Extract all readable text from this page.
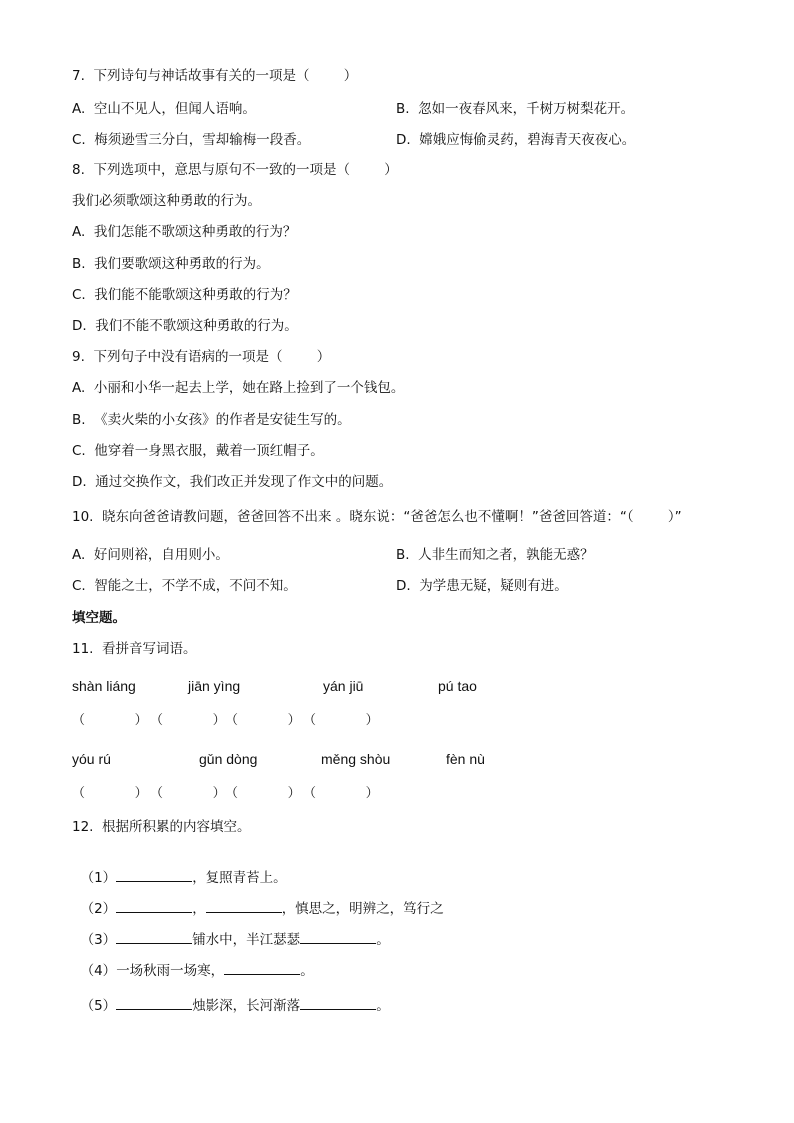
7.  下列诗句与神话故事有关的一项是（        ）
A.  空山不见人，但闻人语响。	B.  忽如一夜春风来，千树万树梨花开。
C.  梅须逊雪三分白，雪却输梅一段香。	D.  嫦娥应悔偷灵药，碧海青天夜夜心。
8.  下列选项中，意思与原句不一致的一项是（        ）
我们必须歌颂这种勇敢的行为。
A.  我们怎能不歌颂这种勇敢的行为？
B.  我们要歌颂这种勇敢的行为。
C.  我们能不能歌颂这种勇敢的行为？
D.  我们不能不歌颂这种勇敢的行为。
9.  下列句子中没有语病的一项是（        ）
A.  小丽和小华一起去上学，她在路上捡到了一个钱包。
B.  《卖火柴的小女孩》的作者是安徒生写的。
C.  他穿着一身黑衣服，戴着一顶红帽子。
D.  通过交换作文，我们改正并发现了作文中的问题。
10.  晓东向爸爸请教问题，爸爸回答不出来 。晓东说：“爸爸怎么也不懂啊！”爸爸回答道：“（        ）”
A.  好问则裕，自用则小。	B.  人非生而知之者，孰能无惑？
C.  智能之士，不学不成，不问不知。	D.  为学患无疑，疑则有进。
填空题。
11.  看拼音写词语。
shàn liáng	jiān yìng	yán jiū	pú tao
（            ） （            ） （            ） （            ）
yóu rú	gǔn dòng	měng shòu	fèn nù
（            ） （            ） （            ） （            ）
12.  根据所积累的内容填空。

（1）	，复照青苔上。

（2）	，	，慎思之，明辨之，笃行之

（3）	铺水中，半江瑟瑟	。

（4）一场秋雨一场寒，	。

（5）	烛影深，长河渐落	。
